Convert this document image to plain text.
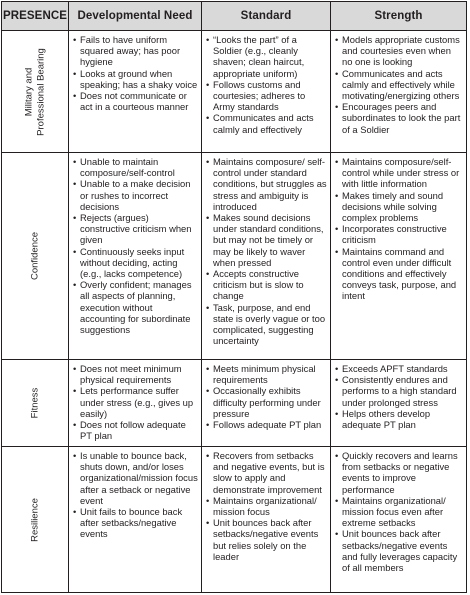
PRESENCE Developmental Need	Standard	Strength
Military and Professional Bearing
• Fails to have uniform squared away; has poor hygiene
• Looks at ground when speaking; has a shaky voice
• Does not communicate or act in a courteous manner
• “Looks the part” of a Soldier (e.g., cleanly shaven; clean haircut, appropriate uniform)
• Follows customs and courtesies; adheres to Army standards
• Communicates and acts calmly and effectively
• Models appropriate customs and courtesies even when no one is looking
• Communicates and acts calmly and effectively while motivating/energizing others
• Encourages peers and subordinates to look the part of a Soldier
Confidence
• Unable to maintain composure/self-control
• Unable to a make decision or rushes to incorrect decisions
• Rejects (argues) constructive criticism when given
• Continuously seeks input without deciding, acting (e.g., lacks competence)
• Overly confident; manages all aspects of planning, execution without accounting for subordinate suggestions
• Maintains composure/ self-control under standard conditions, but struggles as stress and ambiguity is introduced
• Makes sound decisions under standard conditions, but may not be timely or may be likely to waver when pressed
• Accepts constructive criticism but is slow to change
• Task, purpose, and end state is overly vague or too complicated, suggesting uncertainty
• Maintains composure/self-control while under stress or with little information
• Makes timely and sound decisions while solving complex problems
• Incorporates constructive criticism
• Maintains command and control even under difficult conditions and effectively conveys task, purpose, and intent
Fitness
• Does not meet minimum physical requirements
• Lets performance suffer under stress (e.g., gives up easily)
• Does not follow adequate PT plan
• Meets minimum physical requirements
• Occasionally exhibits difficulty performing under pressure
• Follows adequate PT plan
• Exceeds APFT standards
• Consistently endures and performs to a high standard under prolonged stress
• Helps others develop adequate PT plan
Resilience
• Is unable to bounce back, shuts down, and/or loses organizational/mission focus after a setback or negative event
• Unit fails to bounce back after setbacks/negative events
• Recovers from setbacks and negative events, but is slow to apply and demonstrate improvement
• Maintains organizational/ mission focus
• Unit bounces back after setbacks/negative events but relies solely on the leader
• Quickly recovers and learns from setbacks or negative events to improve performance
• Maintains organizational/ mission focus even after extreme setbacks
• Unit bounces back after setbacks/negative events and fully leverages capacity of all members
